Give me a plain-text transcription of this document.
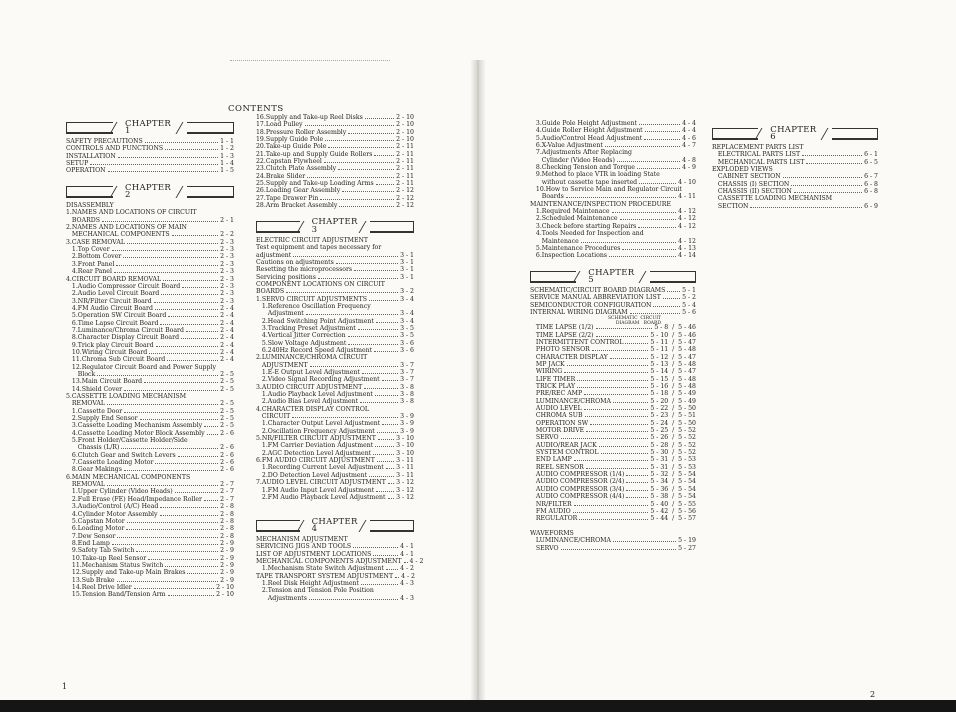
CONTENTS
CHAPTER 1
SAFETY PRECAUTIONS	1 - 1
CONTROLS AND FUNCTIONS	1 - 2
INSTALLATION	1 - 3
SETUP	1 - 4
OPERATION	1 - 5
CHAPTER 2
DISASSEMBLY
1.NAMES AND LOCATIONS OF CIRCUIT
BOARDS	2 - 1
2.NAMES AND LOCATIONS OF MAIN
MECHANICAL COMPONENTS	2 - 2
3.CASE REMOVAL	2 - 3
1.Top Cover	2 - 3
2.Bottom Cover	2 - 3
3.Front Panel	2 - 3
4.Rear Panel	2 - 3
4.CIRCUIT BOARD REMOVAL	2 - 3
1.Audio Compressor Circuit Board	2 - 3
2.Audio Level Circuit Board	2 - 3
3.NR/Filter Circuit Board	2 - 3
4.FM Audio Circuit Board	2 - 4
5.Operation SW Circuit Board	2 - 4
6.Time Lapse Circuit Board	2 - 4
7.Luminance/Chroma Circuit Board	2 - 4
8.Character Display Circuit Board	2 - 4
9.Trick play Circuit Board	2 - 4
10.Wiring Circuit Board	2 - 4
11.Chroma Sub Circuit Board	2 - 4
12.Regulator Circuit Board and Power Supply
Block	2 - 5
13.Main Circuit Board	2 - 5
14.Shield Cover	2 - 5
5.CASSETTE LOADING MECHANISM
REMOVAL	2 - 5
1.Cassette Door	2 - 5
2.Supply End Sensor	2 - 5
3.Cassette Loading Mechanism Assembly	2 - 5
4.Cassette Loading Motor Block Assembly 2 - 6
5.Front Holder/Cassette Holder/Side
Chassis (L/R)	2 - 6
6.Clutch Gear and Switch Levers	2 - 6
7.Cassette Loading Motor	2 - 6
8.Gear Makings	2 - 6
6.MAIN MECHANICAL COMPONENTS
REMOVAL	2 - 7
1.Upper Cylinder (Video Heads)	2 - 7
2.Full Erase (FE) Head/Impedance Roller	2 - 7
3.Audio/Control (A/C) Head	2 - 8
4.Cylinder Motor Assembly	2 - 8
5.Capstan Motor	2 - 8
6.Loading Motor	2 - 8
7.Dew Sensor	2 - 8
8.End Lamp	2 - 9
9.Safety Tab Switch	2 - 9
10.Take-up Reel Sensor	2 - 9
11.Mechanism Status Switch	2 - 9
12.Supply and Take-up Main Brakes	2 - 9
13.Sub Brake	2 - 9
14.Reel Drive Idler	2 - 10
15.Tension Band/Tension Arm	2 - 10
16.Supply and Take-up Reel Disks	2 - 10
17.Load Pulley	2 - 10
18.Pressure Roller Assembly	2 - 10
19.Supply Guide Pole	2 - 10
20.Take-up Guide Pole	2 - 11
21.Take-up and Supply Guide Rollers	2 - 11
22.Capstan Flywheel	2 - 11
23.Clutch Plate Assembly	2 - 11
24.Brake Slider	2 - 11
25.Supply and Take-up Loading Arms	2 - 11
26.Loading Gear Assembly	2 - 12
27.Tape Drawer Pin	2 - 12
28.Arm Bracket Assembly	2 - 12
CHAPTER 3
ELECTRIC CIRCUIT ADJUSTMENT
Test equipment and tapes necessary for
adjustment	3 - 1
Cautions on adjustments	3 - 1
Resetting the microprocessors	3 - 1
Servicing positions	3 - 1
COMPONENT LOCATIONS ON CIRCUIT
BOARDS	3 - 2
1.SERVO CIRCUIT ADJUSTMENTS	3 - 4
1.Reference Oscillation Frequency
Adjustment	3 - 4
2.Head Switching Point Adjustment	3 - 4
3.Tracking Preset Adjustment	3 - 5
4.Vertical Jitter Correction	3 - 5
5.Slow Voltage Adjustment	3 - 6
6.240Hz Record Speed Adjustment	3 - 6
2.LUMINANCE/CHROMA CIRCUIT
ADJUSTMENT	3 - 7
1.E-E Output Level Adjustment	3 - 7
2.Video Signal Recording Adjustment	3 - 7
3.AUDIO CIRCUIT ADJUSTMENT	3 - 8
1.Audio Playback Level Adjustment	3 - 8
2.Audio Bias Level Adjustment	3 - 8
4.CHARACTER DISPLAY CONTROL
CIRCUIT	3 - 9
1.Character Output Level Adjustment	3 - 9
2.Oscillation Frequency Adjustment	3 - 9
5.NR/FILTER CIRCUIT ADJUSTMENT	3 - 10
1.FM Carrier Deviation Adjustment	3 - 10
2.AGC Detection Level Adjustment	3 - 10
6.FM AUDIO CIRCUIT ADJUSTMENT	3 - 11
1.Recording Current Level Adjustment 3 - 11
2.DO Detection Level Adjustment	3 - 11
7.AUDIO LEVEL CIRCUIT ADJUSTMENT 3 - 12
1.FM Audio Input Level Adjustment	3 - 12
2.FM Audio Playback Level Adjustment 3 - 12
CHAPTER 4
MECHANISM ADJUSTMENT
SERVICING JIGS AND TOOLS	4 - 1
LIST OF ADJUSTMENT LOCATIONS	4 - 1
MECHANICAL COMPONENTS ADJUSTMENT 4 - 2
1.Mechanism State Switch Adjustment	4 - 2
TAPE TRANSPORT SYSTEM ADJUSTMENT 4 - 2
1.Reel Disk Height Adjustment	4 - 3
2.Tension and Tension Pole Position
Adjustments	4 - 3
3.Guide Pole Height Adjustment	4 - 4
4.Guide Roller Height Adjustment	4 - 4
5.Audio/Control Head Adjustment	4 - 6
6.X-Value Adjustment	4 - 7
7.Adjustments After Replacing
Cylinder (Video Heads)	4 - 8
8.Checking Tension and Torque	4 - 9
9.Method to place VTR in loading State
without cassette tape inserted	4 - 10
10.How to Service Main and Regulator Circuit
Boards	4 - 11
MAINTENANCE/INSPECTION PROCEDURE
1.Required Maintenace	4 - 12
2.Scheduled Maintenance	4 - 12
3.Check before starting Repairs	4 - 12
4.Tools Needed for Inspection and
Maintenace	4 - 12
5.Maintenance Procedures	4 - 13
6.Inspection Locations	4 - 14
CHAPTER 5
SCHEMATIC/CIRCUIT BOARD DIAGRAMS	5 - 1
SERVICE MANUAL ABBREVIATION LIST	5 - 2
SEMICONDUCTOR CONFIGURATION	5 - 4
INTERNAL WIRING DIAGRAM	5 - 6
SCHEMATIC  CIRCUIT
DIAGRAM   BOARD
TIME LAPSE (1/2)	5 - 8  /  5 - 46
TIME LAPSE (2/2)	5 - 10  /  5 - 46
INTERMITTENT CONTROL	5 - 11  /  5 - 47
PHOTO SENSOR	5 - 11  /  5 - 48
CHARACTER DISPLAY	5 - 12  /  5 - 47
MP JACK	5 - 13  /  5 - 48
WIRING	5 - 14  /  5 - 47
LIFE TIMER	5 - 15  /  5 - 48
TRICK PLAY	5 - 16  /  5 - 48
PRE/REC AMP	5 - 18  /  5 - 49
LUMINANCE/CHROMA	5 - 20  /  5 - 49
AUDIO LEVEL	5 - 22  /  5 - 50
CHROMA SUB	5 - 23  /  5 - 51
OPERATION SW	5 - 24  /  5 - 50
MOTOR DRIVE	5 - 25  /  5 - 52
SERVO	5 - 26  /  5 - 52
AUDIO/REAR JACK	5 - 28  /  5 - 52
SYSTEM CONTROL	5 - 30  /  5 - 52
END LAMP	5 - 31  /  5 - 53
REEL SENSOR	5 - 31  /  5 - 53
AUDIO COMPRESSOR (1/4)	5 - 32  /  5 - 54
AUDIO COMPRESSOR (2/4)	5 - 34  /  5 - 54
AUDIO COMPRESSOR (3/4)	5 - 36  /  5 - 54
AUDIO COMPRESSOR (4/4)	5 - 38  /  5 - 54
NR/FILTER	5 - 40  /  5 - 55
FM AUDIO	5 - 42  /  5 - 56
REGULATOR	5 - 44  /  5 - 57
WAVEFORMS
LUMINANCE/CHROMA	5 - 19
SERVO	5 - 27
CHAPTER 6
REPLACEMENT PARTS LIST
ELECTRICAL PARTS LIST	6 - 1
MECHANICAL PARTS LIST	6 - 5
EXPLODED VIEWS
CABINET SECTION	6 - 7
CHASSIS (I) SECTION	6 - 8
CHASSIS (II) SECTION	6 - 8
CASSETTE LOADING MECHANISM
SECTION	6 - 9
1
2
